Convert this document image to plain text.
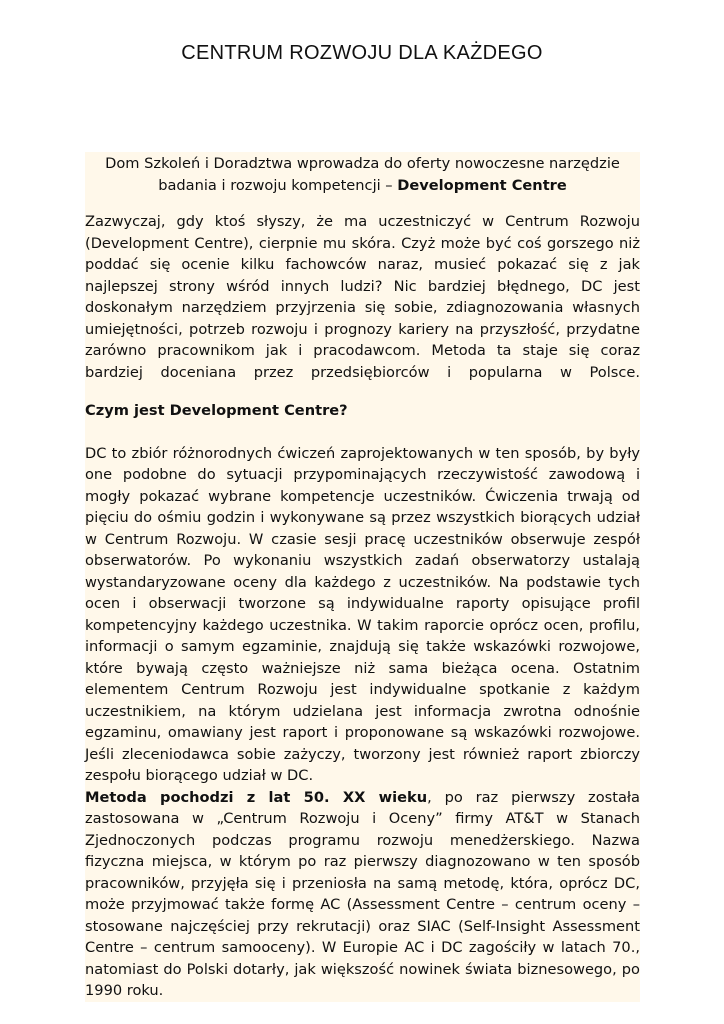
CENTRUM ROZWOJU DLA KAŻDEGO

Dom Szkoleń i Doradztwa wprowadza do oferty nowoczesne narzędzie badania i rozwoju kompetencji – Development Centre

Zazwyczaj, gdy ktoś słyszy, że ma uczestniczyć w Centrum Rozwoju (Development Centre), cierpnie mu skóra. Czyż może być coś gorszego niż poddać się ocenie kilku fachowców naraz, musieć pokazać się z jak najlepszej strony wśród innych ludzi? Nic bardziej błędnego, DC jest doskonałym narzędziem przyjrzenia się sobie, zdiagnozowania własnych umiejętności, potrzeb rozwoju i prognozy kariery na przyszłość, przydatne zarówno pracownikom jak i pracodawcom. Metoda ta staje się coraz bardziej doceniana przez przedsiębiorców i popularna w Polsce.

Czym jest Development Centre?

DC to zbiór różnorodnych ćwiczeń zaprojektowanych w ten sposób, by były one podobne do sytuacji przypominających rzeczywistość zawodową i mogły pokazać wybrane kompetencje uczestników. Ćwiczenia trwają od pięciu do ośmiu godzin i wykonywane są przez wszystkich biorących udział w Centrum Rozwoju. W czasie sesji pracę uczestników obserwuje zespół obserwatorów. Po wykonaniu wszystkich zadań obserwatorzy ustalają wystandaryzowane oceny dla każdego z uczestników. Na podstawie tych ocen i obserwacji tworzone są indywidualne raporty opisujące profil kompetencyjny każdego uczestnika. W takim raporcie oprócz ocen, profilu, informacji o samym egzaminie, znajdują się także wskazówki rozwojowe, które bywają często ważniejsze niż sama bieżąca ocena. Ostatnim elementem Centrum Rozwoju jest indywidualne spotkanie z każdym uczestnikiem, na którym udzielana jest informacja zwrotna odnośnie egzaminu, omawiany jest raport i proponowane są wskazówki rozwojowe. Jeśli zleceniodawca sobie zażyczy, tworzony jest również raport zbiorczy zespołu biorącego udział w DC.

Metoda pochodzi z lat 50. XX wieku, po raz pierwszy została zastosowana w „Centrum Rozwoju i Oceny” firmy AT&T w Stanach Zjednoczonych podczas programu rozwoju menedżerskiego. Nazwa fizyczna miejsca, w którym po raz pierwszy diagnozowano w ten sposób pracowników, przyjęła się i przeniosła na samą metodę, która, oprócz DC, może przyjmować także formę AC (Assessment Centre – centrum oceny – stosowane najczęściej przy rekrutacji) oraz SIAC (Self-Insight Assessment Centre – centrum samooceny). W Europie AC i DC zagościły w latach 70., natomiast do Polski dotarły, jak większość nowinek świata biznesowego, po 1990 roku.
